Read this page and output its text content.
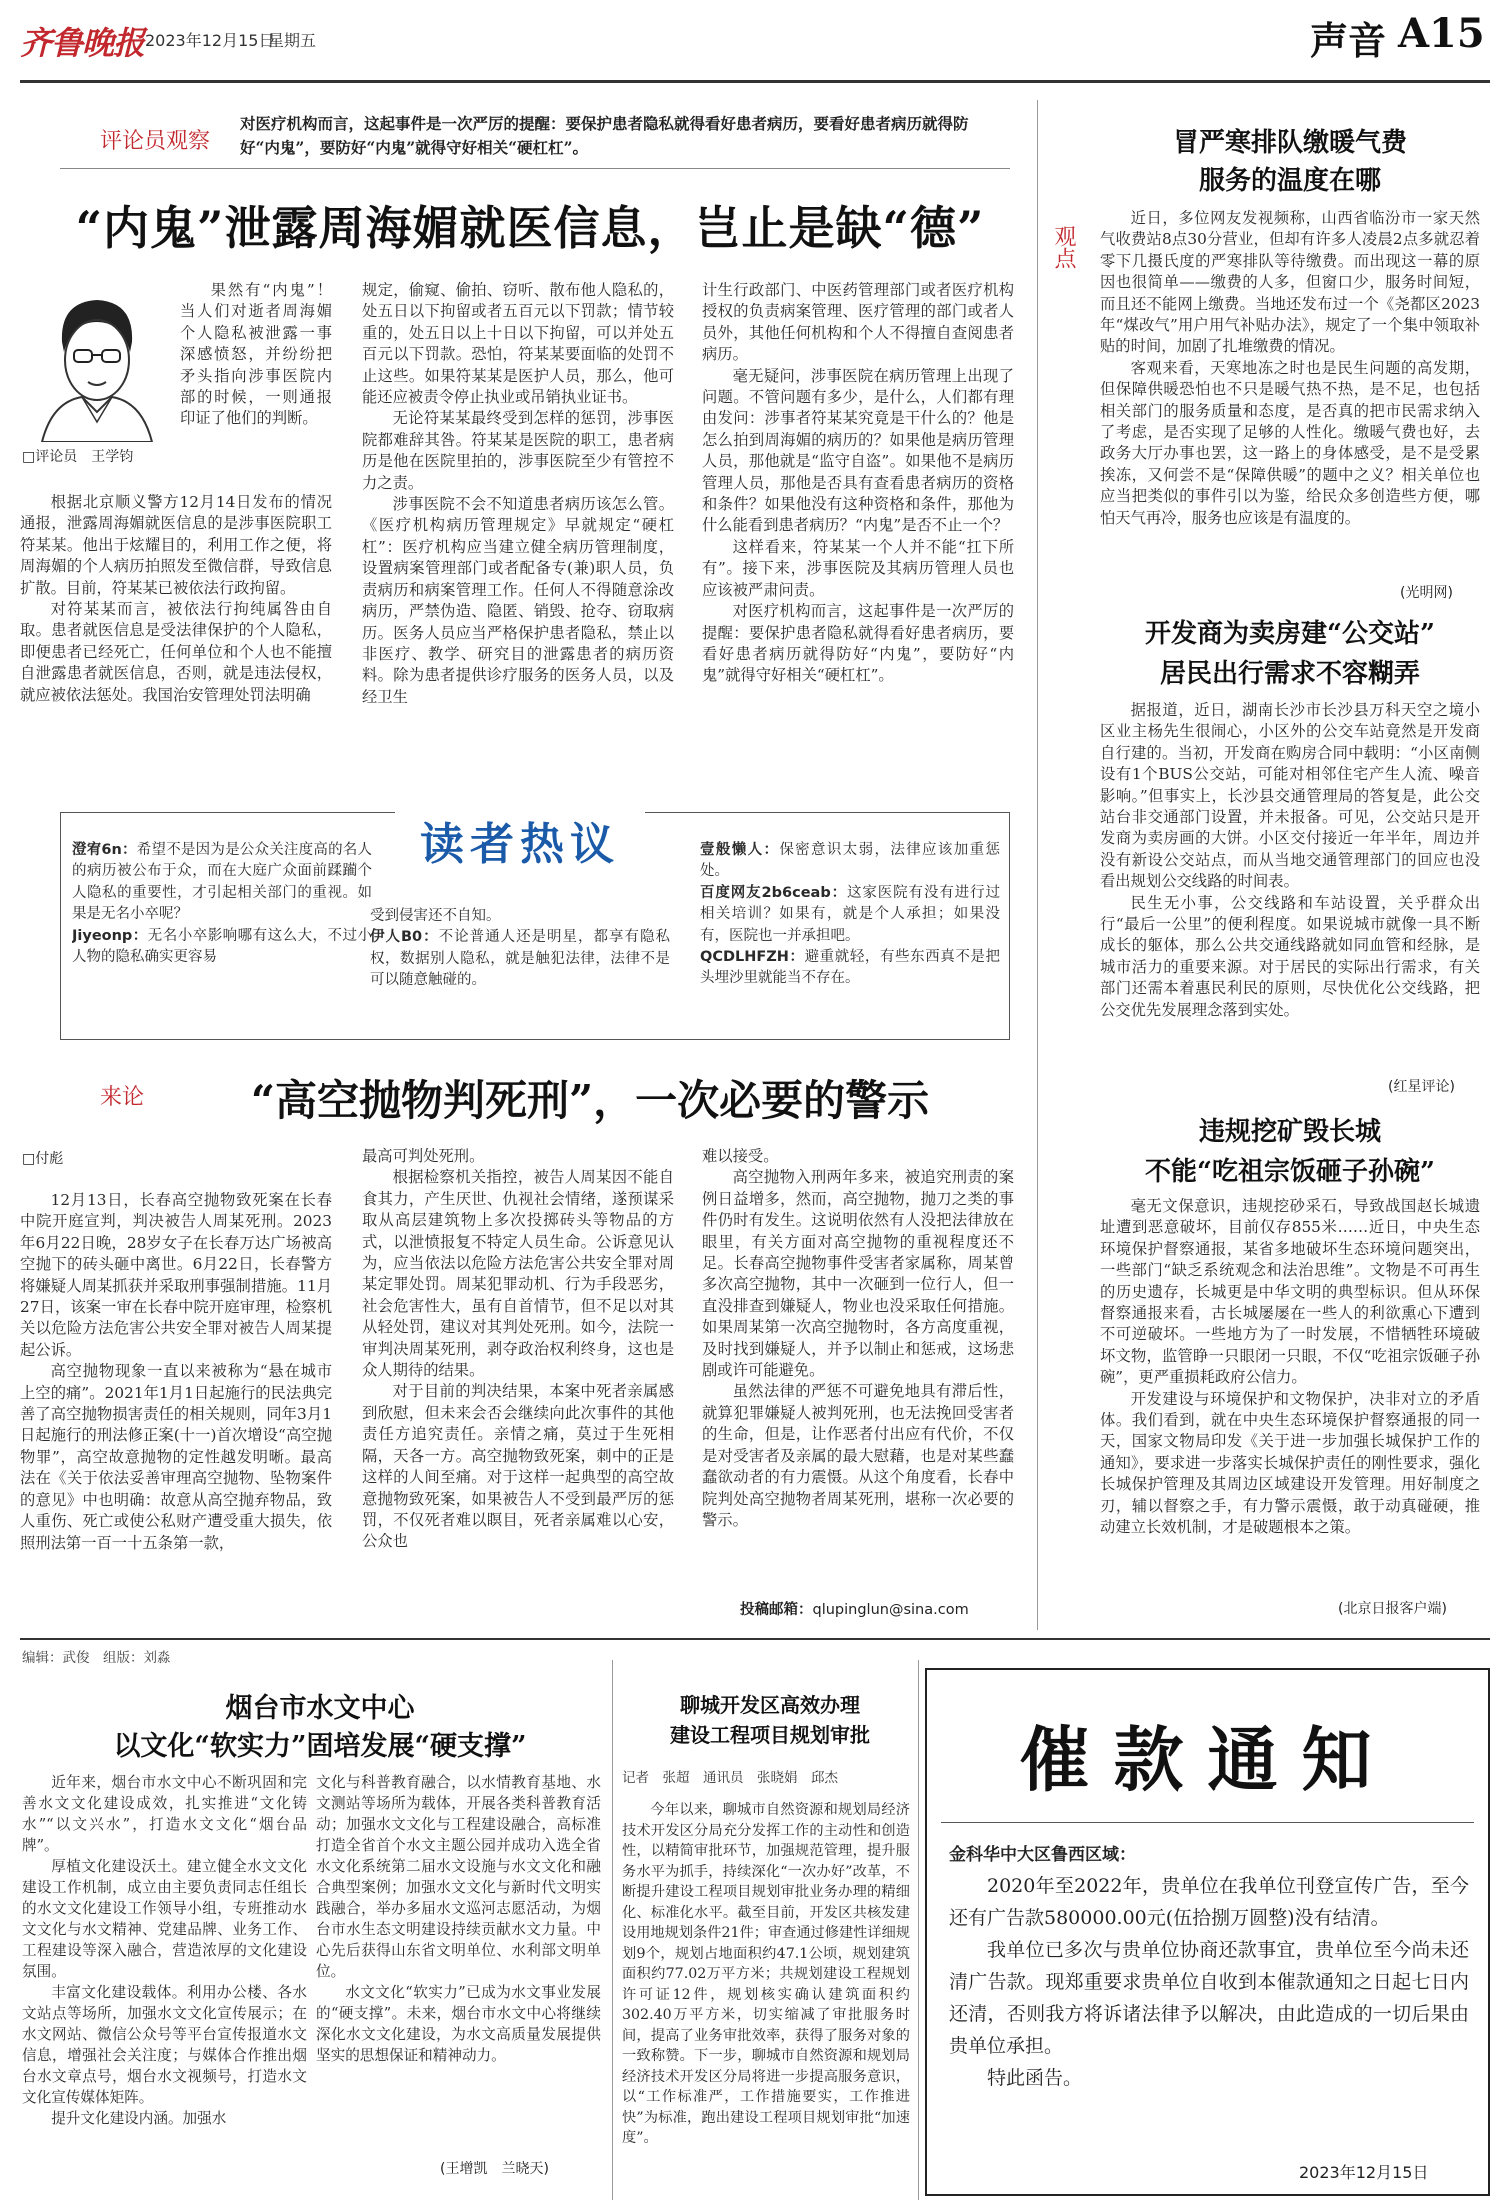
齐鲁晚报 2023年12月15日
星期五	声音 A15
评论员观察
对医疗机构而言，这起事件是一次严厉的提醒：要保护患者隐私就得看好患者病历，要看好患者病历就得防好“内鬼”，要防好“内鬼”就得守好相关“硬杠杠”。
“内鬼”泄露周海媚就医信息，岂止是缺“德”
□评论员　王学钧

果然有“内鬼”！当人们对逝者周海媚个人隐私被泄露一事深感愤怒，并纷纷把矛头指向涉事医院内部的时候，一则通报印证了他们的判断。

根据北京顺义警方12月14日发布的情况通报，泄露周海媚就医信息的是涉事医院职工符某某。他出于炫耀目的，利用工作之便，将周海媚的个人病历拍照发至微信群，导致信息扩散。目前，符某某已被依法行政拘留。

对符某某而言，被依法行拘纯属咎由自取。患者就医信息是受法律保护的个人隐私，即便患者已经死亡，任何单位和个人也不能擅自泄露患者就医信息，否则，就是违法侵权，就应被依法惩处。我国治安管理处罚法明确

规定，偷窥、偷拍、窃听、散布他人隐私的，处五日以下拘留或者五百元以下罚款；情节较重的，处五日以上十日以下拘留，可以并处五百元以下罚款。恐怕，符某某要面临的处罚不止这些。如果符某某是医护人员，那么，他可能还应被责令停止执业或吊销执业证书。

无论符某某最终受到怎样的惩罚，涉事医院都难辞其咎。符某某是医院的职工，患者病历是他在医院里拍的，涉事医院至少有管控不力之责。

涉事医院不会不知道患者病历该怎么管。《医疗机构病历管理规定》早就规定“硬杠杠”：医疗机构应当建立健全病历管理制度，设置病案管理部门或者配备专(兼)职人员，负责病历和病案管理工作。任何人不得随意涂改病历，严禁伪造、隐匿、销毁、抢夺、窃取病历。医务人员应当严格保护患者隐私，禁止以非医疗、教学、研究目的泄露患者的病历资料。除为患者提供诊疗服务的医务人员，以及经卫生

计生行政部门、中医药管理部门或者医疗机构授权的负责病案管理、医疗管理的部门或者人员外，其他任何机构和个人不得擅自查阅患者病历。

毫无疑问，涉事医院在病历管理上出现了问题。不管问题有多少，是什么，人们都有理由发问：涉事者符某某究竟是干什么的？他是怎么拍到周海媚的病历的？如果他是病历管理人员，那他就是“监守自盗”。如果他不是病历管理人员，那他是否具有查看患者病历的资格和条件？如果他没有这种资格和条件，那他为什么能看到患者病历？“内鬼”是否不止一个？

这样看来，符某某一个人并不能“扛下所有”。接下来，涉事医院及其病历管理人员也应该被严肃问责。

对医疗机构而言，这起事件是一次严厉的提醒：要保护患者隐私就得看好患者病历，要看好患者病历就得防好“内鬼”，要防好“内鬼”就得守好相关“硬杠杠”。

读者热议

澄宥6n：希望不是因为是公众关注度高的名人的病历被公布于众，而在大庭广众面前蹂躏个人隐私的重要性，才引起相关部门的重视。如果是无名小卒呢？

Jiyeonp：无名小卒影响哪有这么大，不过小人物的隐私确实更容易

受到侵害还不自知。

伊人B0：不论普通人还是明星，都享有隐私权，数据别人隐私，就是触犯法律，法律不是可以随意触碰的。

壹般懒人：保密意识太弱，法律应该加重惩处。

百度网友2b6ceab：这家医院有没有进行过相关培训？如果有，就是个人承担；如果没有，医院也一并承担吧。

QCDLHFZH：避重就轻，有些东西真不是把头埋沙里就能当不存在。

来论	“高空抛物判死刑”，一次必要的警示
□付彪

12月13日，长春高空抛物致死案在长春中院开庭宣判，判决被告人周某死刑。2023年6月22日晚，28岁女子在长春万达广场被高空抛下的砖头砸中离世。6月22日，长春警方将嫌疑人周某抓获并采取刑事强制措施。11月27日，该案一审在长春中院开庭审理，检察机关以危险方法危害公共安全罪对被告人周某提起公诉。

高空抛物现象一直以来被称为“悬在城市上空的痛”。2021年1月1日起施行的民法典完善了高空抛物损害责任的相关规则，同年3月1日起施行的刑法修正案(十一)首次增设“高空抛物罪”，高空故意抛物的定性越发明晰。最高法在《关于依法妥善审理高空抛物、坠物案件的意见》中也明确：故意从高空抛弃物品，致人重伤、死亡或使公私财产遭受重大损失，依照刑法第一百一十五条第一款，

最高可判处死刑。

根据检察机关指控，被告人周某因不能自食其力，产生厌世、仇视社会情绪，遂预谋采取从高层建筑物上多次投掷砖头等物品的方式，以泄愤报复不特定人员生命。公诉意见认为，应当依法以危险方法危害公共安全罪对周某定罪处罚。周某犯罪动机、行为手段恶劣，社会危害性大，虽有自首情节，但不足以对其从轻处罚，建议对其判处死刑。如今，法院一审判决周某死刑，剥夺政治权利终身，这也是众人期待的结果。

对于目前的判决结果，本案中死者亲属感到欣慰，但未来会否会继续向此次事件的其他责任方追究责任。亲情之痛，莫过于生死相隔，天各一方。高空抛物致死案，刺中的正是这样的人间至痛。对于这样一起典型的高空故意抛物致死案，如果被告人不受到最严厉的惩罚，不仅死者难以瞑目，死者亲属难以心安，公众也

难以接受。

高空抛物入刑两年多来，被追究刑责的案例日益增多，然而，高空抛物，抛刀之类的事件仍时有发生。这说明依然有人没把法律放在眼里，有关方面对高空抛物的重视程度还不足。长春高空抛物事件受害者家属称，周某曾多次高空抛物，其中一次砸到一位行人，但一直没排查到嫌疑人，物业也没采取任何措施。如果周某第一次高空抛物时，各方高度重视，及时找到嫌疑人，并予以制止和惩戒，这场悲剧或许可能避免。

虽然法律的严惩不可避免地具有滞后性，就算犯罪嫌疑人被判死刑，也无法挽回受害者的生命，但是，让作恶者付出应有代价，不仅是对受害者及亲属的最大慰藉，也是对某些蠢蠢欲动者的有力震慑。从这个角度看，长春中院判处高空抛物者周某死刑，堪称一次必要的警示。

投稿邮箱：qlupinglun@sina.com
观点
冒严寒排队缴暖气费
服务的温度在哪

近日，多位网友发视频称，山西省临汾市一家天然气收费站8点30分营业，但却有许多人凌晨2点多就忍着零下几摄氏度的严寒排队等待缴费。而出现这一幕的原因也很简单——缴费的人多，但窗口少，服务时间短，而且还不能网上缴费。当地还发布过一个《尧都区2023年“煤改气”用户用气补贴办法》，规定了一个集中领取补贴的时间，加剧了扎堆缴费的情况。

客观来看，天寒地冻之时也是民生问题的高发期，但保障供暖恐怕也不只是暖气热不热，是不足，也包括相关部门的服务质量和态度，是否真的把市民需求纳入了考虑，是否实现了足够的人性化。缴暖气费也好，去政务大厅办事也罢，这一路上的身体感受，是不是受累挨冻，又何尝不是“保障供暖”的题中之义？相关单位也应当把类似的事件引以为鉴，给民众多创造些方便，哪怕天气再冷，服务也应该是有温度的。

(光明网)
开发商为卖房建“公交站”
居民出行需求不容糊弄

据报道，近日，湖南长沙市长沙县万科天空之境小区业主杨先生很闹心，小区外的公交车站竟然是开发商自行建的。当初，开发商在购房合同中载明：“小区南侧设有1个BUS公交站，可能对相邻住宅产生人流、噪音影响。”但事实上，长沙县交通管理局的答复是，此公交站台非交通部门设置，并未报备。可见，公交站只是开发商为卖房画的大饼。小区交付接近一年半年，周边并没有新设公交站点，而从当地交通管理部门的回应也没看出规划公交线路的时间表。

民生无小事，公交线路和车站设置，关乎群众出行“最后一公里”的便利程度。如果说城市就像一具不断成长的躯体，那么公共交通线路就如同血管和经脉，是城市活力的重要来源。对于居民的实际出行需求，有关部门还需本着惠民利民的原则，尽快优化公交线路，把公交优先发展理念落到实处。

(红星评论)
违规挖矿毁长城
不能“吃祖宗饭砸子孙碗”

毫无文保意识，违规挖砂采石，导致战国赵长城遗址遭到恶意破坏，目前仅存855米……近日，中央生态环境保护督察通报，某省多地破坏生态环境问题突出，一些部门“缺乏系统观念和法治思维”。文物是不可再生的历史遗存，长城更是中华文明的典型标识。但从环保督察通报来看，古长城屡屡在一些人的利欲熏心下遭到不可逆破坏。一些地方为了一时发展，不惜牺牲环境破坏文物，监管睁一只眼闭一只眼，不仅“吃祖宗饭砸子孙碗”，更严重损耗政府公信力。

开发建设与环境保护和文物保护，决非对立的矛盾体。我们看到，就在中央生态环境保护督察通报的同一天，国家文物局印发《关于进一步加强长城保护工作的通知》，要求进一步落实长城保护责任的刚性要求，强化长城保护管理及其周边区域建设开发管理。用好制度之刃，辅以督察之手，有力警示震慑，敢于动真碰硬，推动建立长效机制，才是破题根本之策。

(北京日报客户端)
编辑：武俊　组版：刘淼
烟台市水文中心
以文化“软实力”固培发展“硬支撑”

近年来，烟台市水文中心不断巩固和完善水文文化建设成效，扎实推进“文化铸水”“以文兴水”，打造水文文化“烟台品牌”。

厚植文化建设沃土。建立健全水文文化建设工作机制，成立由主要负责同志任组长的水文文化建设工作领导小组，专班推动水文文化与水文精神、党建品牌、业务工作、工程建设等深入融合，营造浓厚的文化建设氛围。

丰富文化建设载体。利用办公楼、各水文站点等场所，加强水文文化宣传展示；在水文网站、微信公众号等平台宣传报道水文信息，增强社会关注度；与媒体合作推出烟台水文章点号，烟台水文视频号，打造水文文化宣传媒体矩阵。

提升文化建设内涵。加强水

文化与科普教育融合，以水情教育基地、水文测站等场所为载体，开展各类科普教育活动；加强水文文化与工程建设融合，高标准打造全省首个水文主题公园并成功入选全省水文化系统第二届水文设施与水文文化和融合典型案例；加强水文文化与新时代文明实践融合，举办多届水文巡河志愿活动，为烟台市水生态文明建设持续贡献水文力量。中心先后获得山东省文明单位、水利部文明单位。

水文文化“软实力”已成为水文事业发展的“硬支撑”。未来，烟台市水文中心将继续深化水文文化建设，为水文高质量发展提供坚实的思想保证和精神动力。

(王增凯　兰晓天)
聊城开发区高效办理
建设工程项目规划审批
记者　张超　通讯员　张晓娟　邱杰

今年以来，聊城市自然资源和规划局经济技术开发区分局充分发挥工作的主动性和创造性，以精简审批环节，加强规范管理，提升服务水平为抓手，持续深化“一次办好”改革，不断提升建设工程项目规划审批业务办理的精细化、标准化水平。截至目前，开发区共核发建设用地规划条件21件；审查通过修建性详细规划9个，规划占地面积约47.1公顷，规划建筑面积约77.02万平方米；共规划建设工程规划许可证12件，规划核实确认建筑面积约302.40万平方米，切实缩减了审批服务时间，提高了业务审批效率，获得了服务对象的一致称赞。下一步，聊城市自然资源和规划局经济技术开发区分局将进一步提高服务意识，以“工作标准严，工作措施要实，工作推进快”为标准，跑出建设工程项目规划审批“加速度”。

催款通知
金科华中大区鲁西区域：

2020年至2022年，贵单位在我单位刊登宣传广告，至今还有广告款580000.00元(伍拾捌万圆整)没有结清。

我单位已多次与贵单位协商还款事宜，贵单位至今尚未还清广告款。现郑重要求贵单位自收到本催款通知之日起七日内还清，否则我方将诉诸法律予以解决，由此造成的一切后果由贵单位承担。

特此函告。

2023年12月15日
